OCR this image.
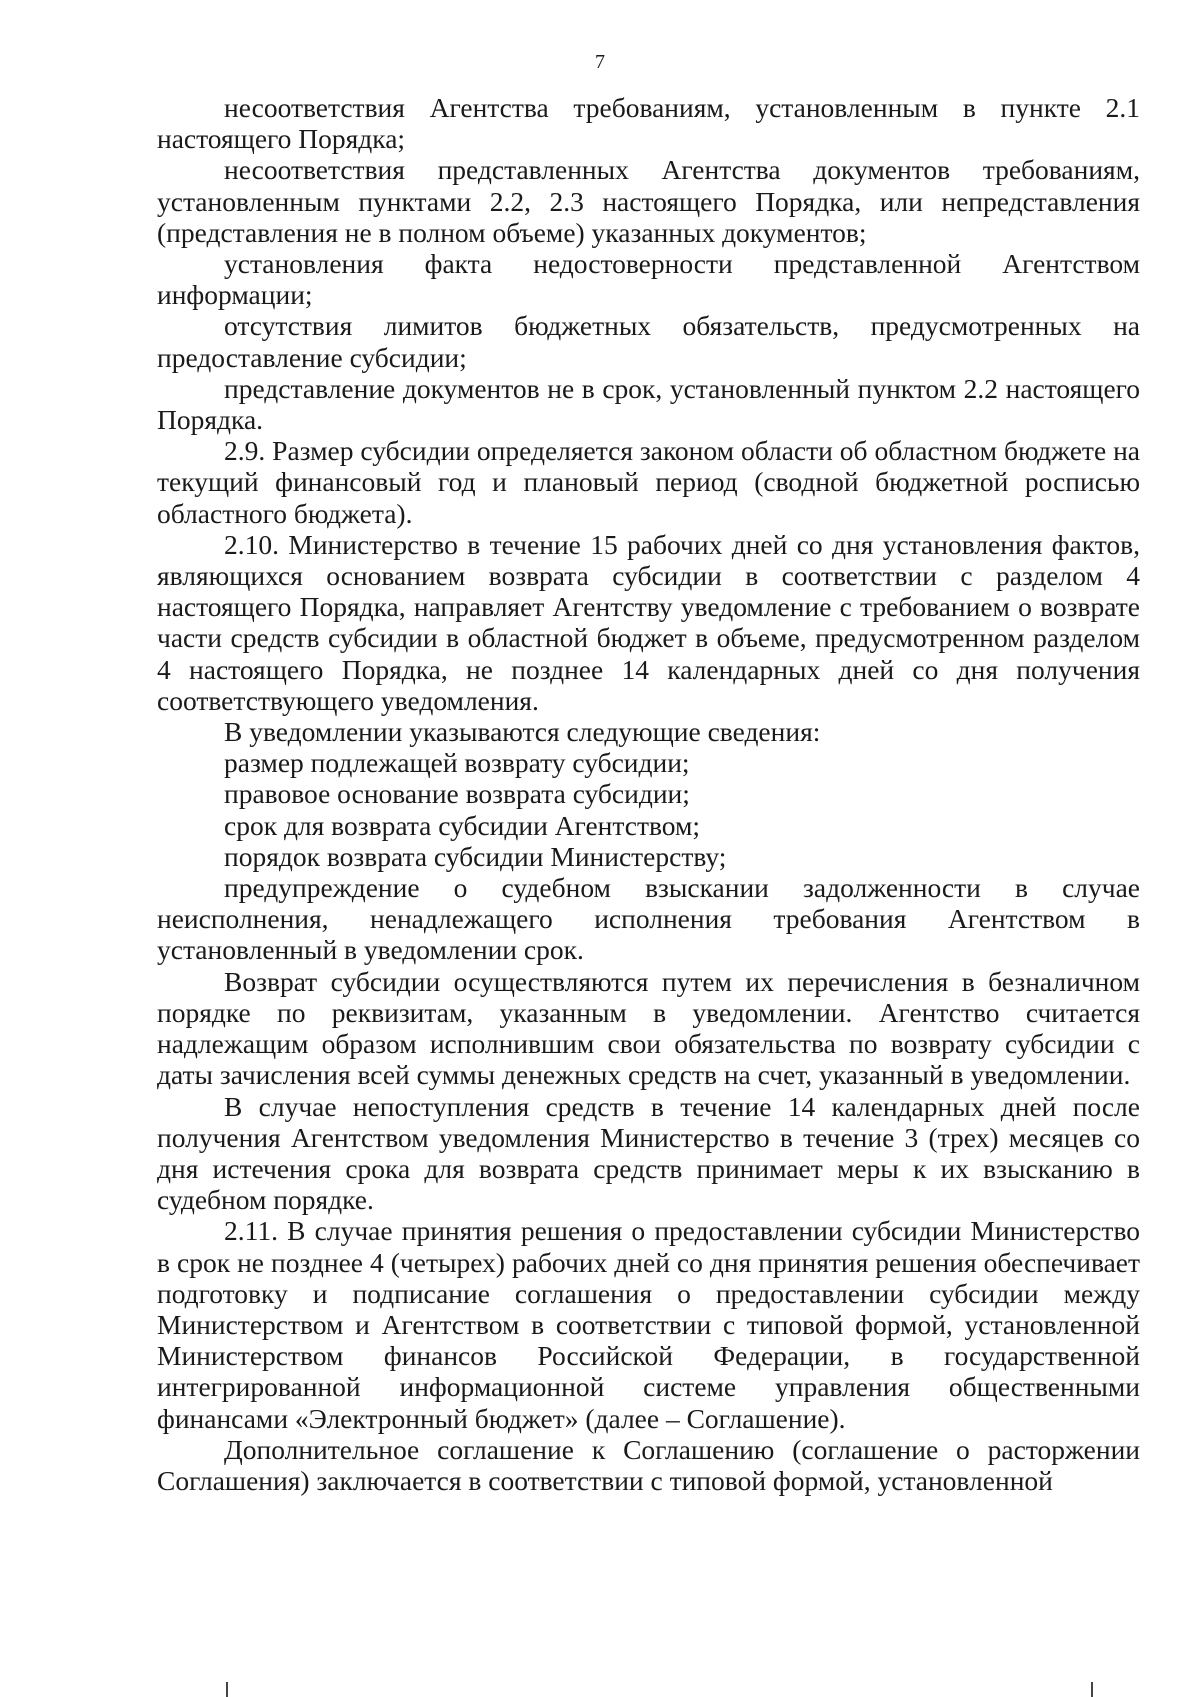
7

несоответствия Агентства требованиям, установленным в пункте 2.1 настоящего Порядка;

несоответствия представленных Агентства документов требованиям, установленным пунктами 2.2, 2.3 настоящего Порядка, или непредставления (представления не в полном объеме) указанных документов;

установления факта недостоверности представленной Агентством информации;

отсутствия лимитов бюджетных обязательств, предусмотренных на предоставление субсидии;

представление документов не в срок, установленный пунктом 2.2 настоящего Порядка.

2.9. Размер субсидии определяется законом области об областном бюджете на текущий финансовый год и плановый период (сводной бюджетной росписью областного бюджета).

2.10. Министерство в течение 15 рабочих дней со дня установления фактов, являющихся основанием возврата субсидии в соответствии с разделом 4 настоящего Порядка, направляет Агентству уведомление с требованием о возврате части средств субсидии в областной бюджет в объеме, предусмотренном разделом 4 настоящего Порядка, не позднее 14 календарных дней со дня получения соответствующего уведомления.

В уведомлении указываются следующие сведения:

размер подлежащей возврату субсидии;

правовое основание возврата субсидии;

срок для возврата субсидии Агентством;

порядок возврата субсидии Министерству;

предупреждение о судебном взыскании задолженности в случае неисполнения, ненадлежащего исполнения требования Агентством в установленный в уведомлении срок.

Возврат субсидии осуществляются путем их перечисления в безналичном порядке по реквизитам, указанным в уведомлении. Агентство считается надлежащим образом исполнившим свои обязательства по возврату субсидии с даты зачисления всей суммы денежных средств на счет, указанный в уведомлении.

В случае непоступления средств в течение 14 календарных дней после получения Агентством уведомления Министерство в течение 3 (трех) месяцев со дня истечения срока для возврата средств принимает меры к их взысканию в судебном порядке.

2.11. В случае принятия решения о предоставлении субсидии Министерство в срок не позднее 4 (четырех) рабочих дней со дня принятия решения обеспечивает подготовку и подписание соглашения о предоставлении субсидии между Министерством и Агентством в соответствии с типовой формой, установленной Министерством финансов Российской Федерации, в государственной интегрированной информационной системе управления общественными финансами «Электронный бюджет» (далее – Соглашение).

Дополнительное соглашение к Соглашению (соглашение о расторжении Соглашения) заключается в соответствии с типовой формой, установленной
